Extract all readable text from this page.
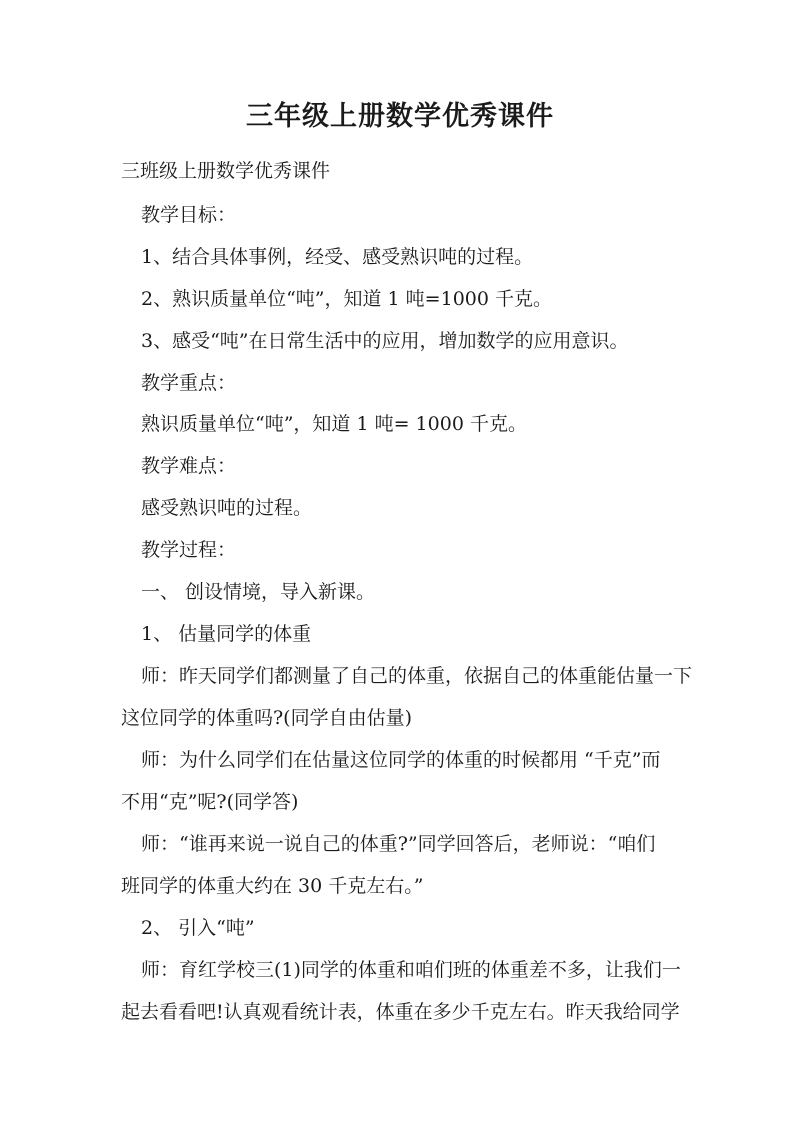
三年级上册数学优秀课件

三班级上册数学优秀课件

教学目标：

1、结合具体事例，经受、感受熟识吨的过程。

2、熟识质量单位“吨”，知道 1 吨=1000 千克。

3、感受“吨”在日常生活中的应用，增加数学的应用意识。

教学重点：

熟识质量单位“吨”，知道 1 吨= 1000 千克。

教学难点：

感受熟识吨的过程。

教学过程：

一、 创设情境，导入新课。

1、 估量同学的体重

师：昨天同学们都测量了自己的体重，依据自己的体重能估量一下

这位同学的体重吗?(同学自由估量)

师：为什么同学们在估量这位同学的体重的时候都用 “千克”而

不用“克”呢?(同学答)

师：“谁再来说一说自己的体重?”同学回答后，老师说：“咱们

班同学的体重大约在 30 千克左右。”

2、 引入“吨”

师：育红学校三(1)同学的体重和咱们班的体重差不多，让我们一

起去看看吧!认真观看统计表，体重在多少千克左右。昨天我给同学
